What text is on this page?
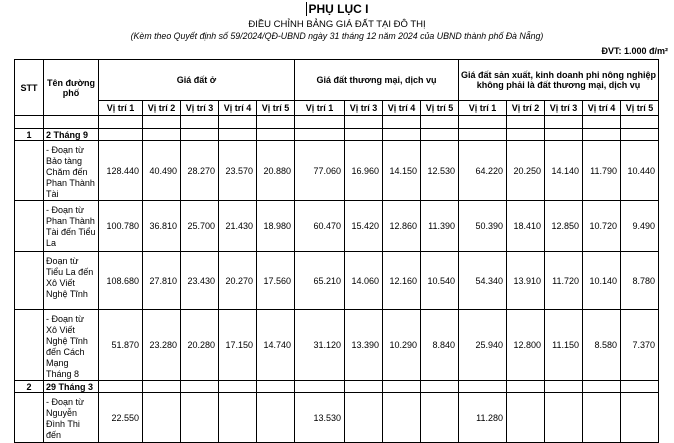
PHỤ LỤC I
ĐIỀU CHỈNH BẢNG GIÁ ĐẤT TẠI ĐÔ THỊ
(Kèm theo Quyết định số 59/2024/QĐ-UBND ngày 31 tháng 12 năm 2024 của UBND thành phố Đà Nẵng)
ĐVT: 1.000 đ/m²
STT	Tên đường phố	Giá đất ở					Giá đất thương mại, dịch vụ				Giá đất sản xuất, kinh doanh phi nông nghiệp không phải là đất thương mại, dịch vụ				
		Vị trí 1	Vị trí 2	Vị trí 3	Vị trí 4	Vị trí 5	Vị trí 1	Vị trí 3	Vị trí 4	Vị trí 5	Vị trí 1	Vị trí 2	Vị trí 3	Vị trí 4	Vị trí 5

1	2 Tháng 9														
	- Đoạn từ Bảo tàng Chăm đến Phan Thành Tài	128.440	40.490	28.270	23.570	20.880	77.060	16.960	14.150	12.530	64.220	20.250	14.140	11.790	10.440
	- Đoạn từ Phan Thành Tài đến Tiểu La	100.780	36.810	25.700	21.430	18.980	60.470	15.420	12.860	11.390	50.390	18.410	12.850	10.720	9.490
	Đoạn từ Tiểu La đến Xô Viết Nghệ Tĩnh	108.680	27.810	23.430	20.270	17.560	65.210	14.060	12.160	10.540	54.340	13.910	11.720	10.140	8.780
	- Đoạn từ Xô Viết Nghệ Tĩnh đến Cách Mạng Tháng 8	51.870	23.280	20.280	17.150	14.740	31.120	13.390	10.290	8.840	25.940	12.800	11.150	8.580	7.370
2	29 Tháng 3														
	- Đoạn từ Nguyễn Đình Thi đến	22.550					13.530				11.280				
